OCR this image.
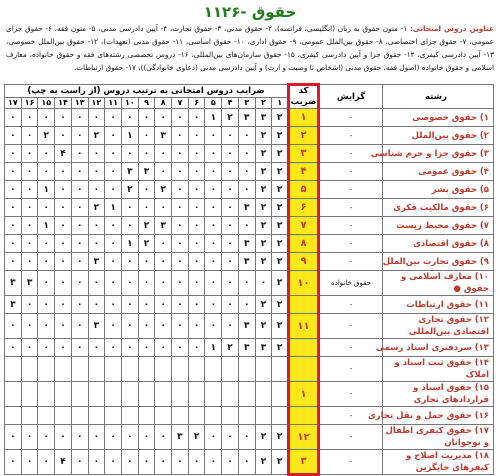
۱۱۲۶- حقوق
عناوین دروس امتحانی: ۱- متون حقوق به زبان (انگلیسی، فرانسه)، ۲- حقوق مدنی، ۳- حقوق تجارت، ۴- آیین دادرسی مدنی، ۵- متون فقه، ۶- حقوق جزای عمومی، ۷- حقوق جزای اختصاصی، ۸- حقوق بین‌الملل عمومی، ۹- حقوق اداری، ۱۰- حقوق اساسی، ۱۱- حقوق مدنی (تعهدات)، ۱۲- حقوق بین‌الملل خصوصی، ۱۳- آیین دادرسی کیفری، ۱۴- حقوق جزا و آیین دادرسی کیفری، ۱۵- حقوق سازمان‌های بین‌المللی، ۱۶- دروس تخصصی رشته‌های فقه و حقوق خانواده، معارف اسلامی و حقوق خانواده (اصول فقه، حقوق مدنی (اشخاص تا وصیت و ارث) و آیین دادرسی مدنی (دعاوی خانوادگی))، ۱۷- حقوق ارتباطات.
رشته	گرایش	کد ضریب	ضرایب دروس امتحانی به ترتیب دروس (از راست به چپ)																
			۱	۲	۳	۴	۵	۶	۷	۸	۹	۱۰	۱۱	۱۲	۱۳	۱۴	۱۵	۱۶	۱۷
۱) حقوق خصوصی	-	۱	۲	۳	۳	۲	۱	۰	۰	۰	۰	۰	۰	۰	۰	۰	۰	۰	۰
۲) حقوق بین‌الملل	-	۲	۲	۲	۰	۰	۰	۰	۰	۳	۰	۱	۰	۲	۰	۰	۲	۰	۰
۳) حقوق جزا و جرم شناسی	-	۳	۲	۲	۰	۰	۰	۰	۰	۰	۰	۰	۰	۰	۰	۴	۰	۰	۰
۴) حقوق عمومی	-	۴	۲	۲	۰	۰	۰	۰	۰	۰	۳	۳	۰	۰	۰	۰	۰	۰	۰
۵) حقوق بشر	-	۵	۲	۲	۰	۰	۰	۰	۰	۲	۰	۲	۰	۰	۰	۰	۱	۰	۰
۶) حقوق مالکیت فکری	-	۶	۲	۲	۳	۰	۰	۰	۰	۰	۰	۰	۱	۲	۰	۰	۰	۰	۰
۷) حقوق محیط زیست	-	۷	۲	۲	۰	۰	۰	۰	۰	۳	۲	۰	۰	۰	۰	۰	۱	۰	۰
۸) حقوق اقتصادی	-	۸	۲	۲	۳	۰	۰	۰	۰	۰	۲	۱	۰	۰	۰	۰	۰	۰	۰
۹) حقوق تجارت بین‌الملل	-	۹	۲	۲	۳	۰	۰	۰	۰	۰	۰	۰	۰	۳	۰	۰	۰	۰	۰
۱۰) معارف اسلامی و حقوق ●	حقوق خانواده	۱۰	۲	۰	۰	۰	۰	۰	۰	۰	۰	۰	۰	۰	۰	۰	۰	۳	۳
۱۱) حقوق ارتباطات	-		۲	۲	۰	۰	۰	۰	۰	۰	۰	۰	۰	۰	۰	۰	۰	۰	۳
۱۲) حقوق تجاری اقتصادی بین‌المللی	-	۱۱	۲	۲	۳	۰	۰	۰	۰	۰	۰	۰	۰	۳	۰	۰	۰	۰	۰
۱۳) سردفتری اسناد رسمی	-		۲	۳	۳	۲	۱	۰	۰	۰	۰	۰	۰	۰	۰	۰	۰	۰	۰
۱۴) حقوق ثبت اسناد و املاک	-																		
۱۵) حقوق اسناد و قراردادهای تجاری	-	۱																	
۱۶) حقوق حمل و نقل تجاری	-																		
۱۷) حقوق کیفری اطفال و نوجوانان	-	۱۲	۲	۲	۰	۰	۰	۲	۳	۰	۰	۰	۰	۰	۰	۰	۰	۰	۰
۱۸) مدیریت اصلاح و کیفرهای جایگزین	-	۳	۲	۲	۰	۰	۰	۰	۰	۰	۰	۰	۰	۰	۰	۴	۰	۰	۰
